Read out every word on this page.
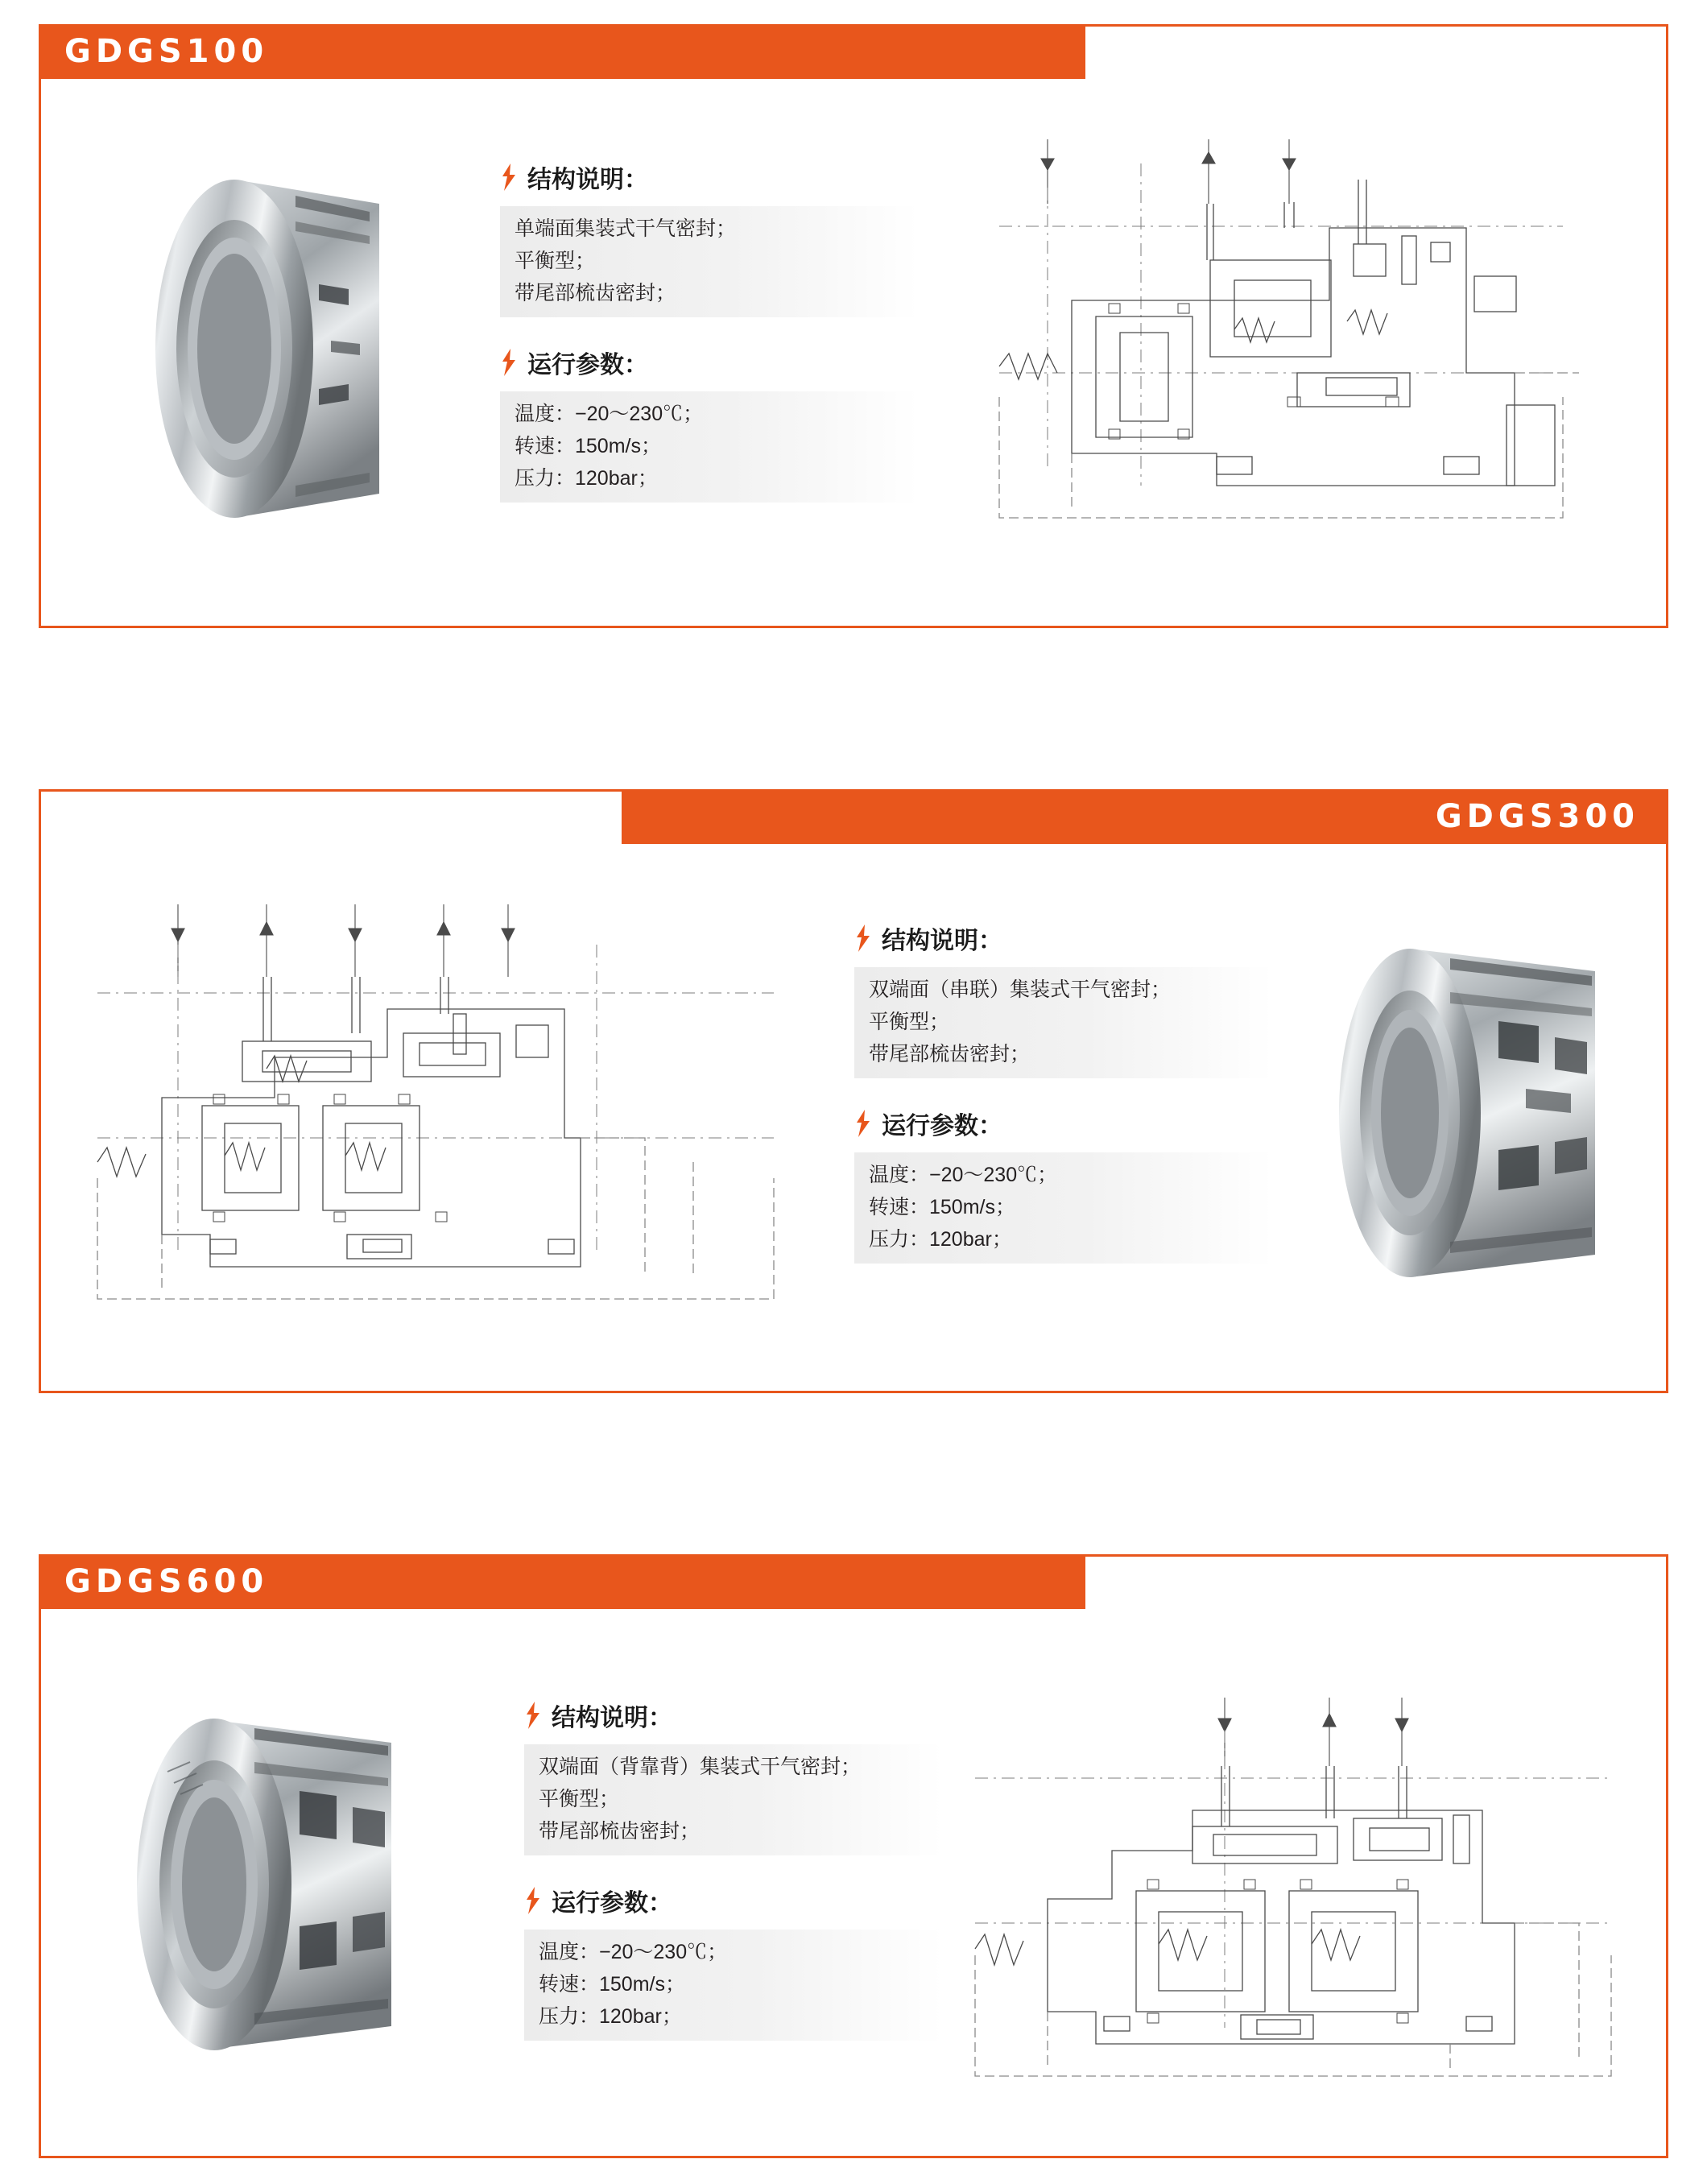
GDGS100
结构说明：
单端面集装式干气密封；
平衡型；
带尾部梳齿密封；
运行参数：
温度：−20～230℃；
转速：150m/s；
压力：120bar；
GDGS300
结构说明：
双端面（串联）集装式干气密封；
平衡型；
带尾部梳齿密封；
运行参数：
温度：−20～230℃；
转速：150m/s；
压力：120bar；
GDGS600
结构说明：
双端面（背靠背）集装式干气密封；
平衡型；
带尾部梳齿密封；
运行参数：
温度：−20～230℃；
转速：150m/s；
压力：120bar；
